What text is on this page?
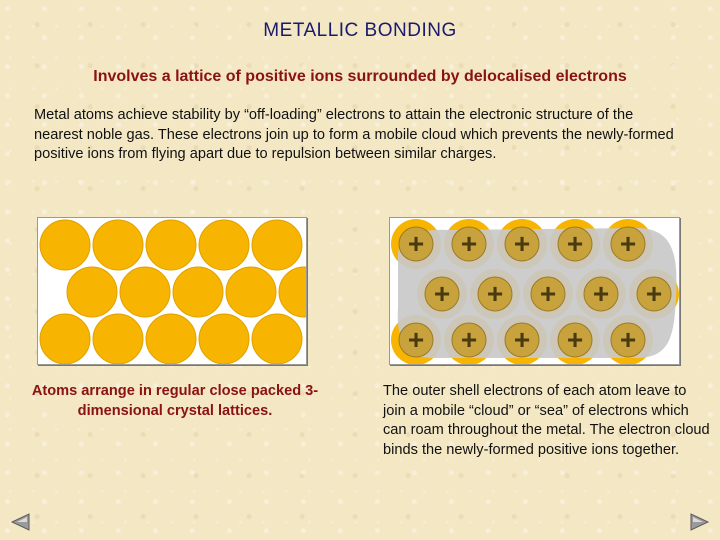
METALLIC BONDING
Involves a lattice of positive ions surrounded by delocalised electrons
Metal atoms achieve stability by “off-loading” electrons to attain the electronic structure of the nearest noble gas. These electrons join up to form a mobile cloud which prevents the newly-formed positive ions from flying apart due to repulsion between similar charges.
+ + + + +
+ + + + +
+ + + + +
Atoms arrange in regular close packed 3-dimensional crystal lattices.
The outer shell electrons of each atom leave to join a mobile “cloud” or “sea” of electrons which can roam throughout the metal. The electron cloud binds the newly-formed positive ions together.
